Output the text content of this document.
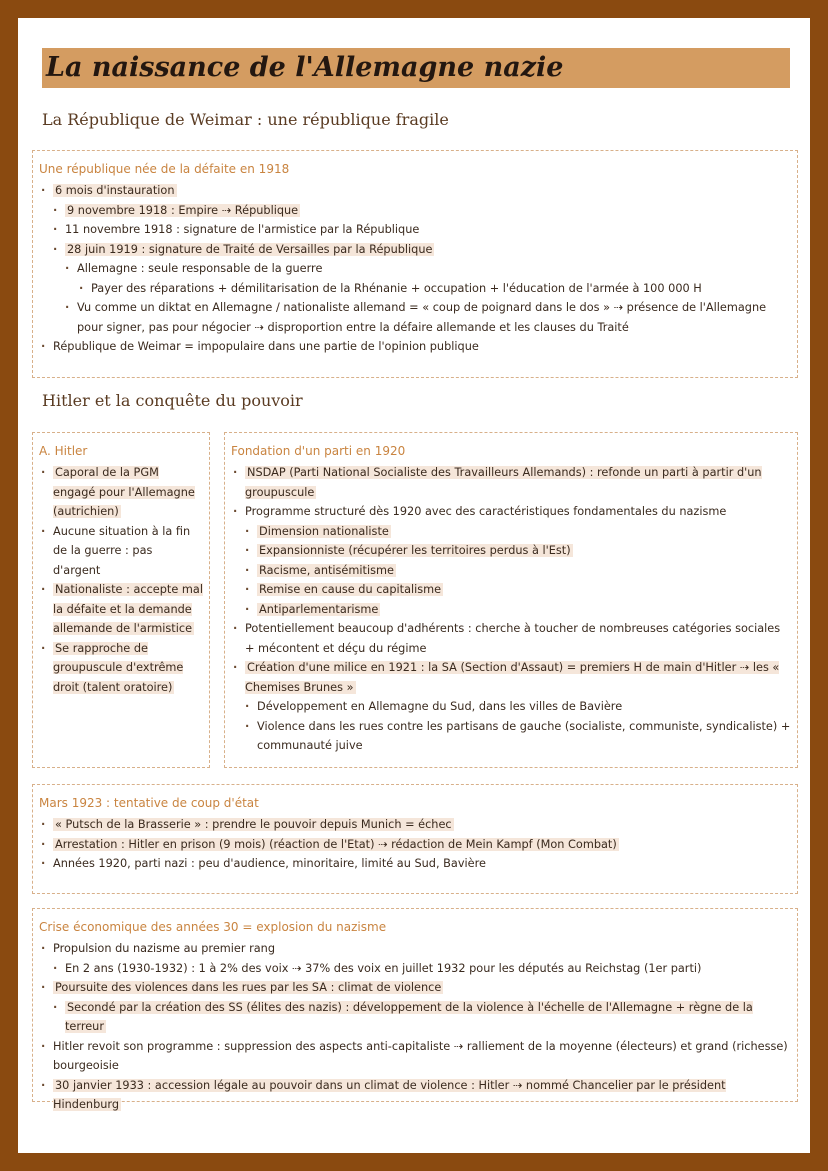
La naissance de l'Allemagne nazie
La République de Weimar : une république fragile
Une république née de la défaite en 1918
· 6 mois d'instauration
· 9 novembre 1918 : Empire ⇢ République
· 11 novembre 1918 : signature de l'armistice par la République
· 28 juin 1919 : signature de Traité de Versailles par la République
· Allemagne : seule responsable de la guerre
· Payer des réparations + démilitarisation de la Rhénanie + occupation + l'éducation de l'armée à 100 000 H
· Vu comme un diktat en Allemagne / nationaliste allemand = « coup de poignard dans le dos » ⇢ présence de l'Allemagne pour signer, pas pour négocier ⇢ disproportion entre la défaire allemande et les clauses du Traité
· République de Weimar = impopulaire dans une partie de l'opinion publique
Hitler et la conquête du pouvoir
A. Hitler
· Caporal de la PGM engagé pour l'Allemagne (autrichien)
· Aucune situation à la fin de la guerre : pas d'argent
· Nationaliste : accepte mal la défaite et la demande allemande de l'armistice
· Se rapproche de groupuscule d'extrême droit (talent oratoire)
Fondation d'un parti en 1920
· NSDAP (Parti National Socialiste des Travailleurs Allemands) : refonde un parti à partir d'un groupuscule
· Programme structuré dès 1920 avec des caractéristiques fondamentales du nazisme
· Dimension nationaliste
· Expansionniste (récupérer les territoires perdus à l'Est)
· Racisme, antisémitisme
· Remise en cause du capitalisme
· Antiparlementarisme
· Potentiellement beaucoup d'adhérents : cherche à toucher de nombreuses catégories sociales + mécontent et déçu du régime
· Création d'une milice en 1921 : la SA (Section d'Assaut) = premiers H de main d'Hitler ⇢ les « Chemises Brunes »
· Développement en Allemagne du Sud, dans les villes de Bavière
· Violence dans les rues contre les partisans de gauche (socialiste, communiste, syndicaliste) + communauté juive
Mars 1923 : tentative de coup d'état
· « Putsch de la Brasserie » : prendre le pouvoir depuis Munich = échec
· Arrestation : Hitler en prison (9 mois) (réaction de l'Etat) ⇢ rédaction de Mein Kampf (Mon Combat)
· Années 1920, parti nazi : peu d'audience, minoritaire, limité au Sud, Bavière
Crise économique des années 30 = explosion du nazisme
· Propulsion du nazisme au premier rang
· En 2 ans (1930-1932) : 1 à 2% des voix ⇢ 37% des voix en juillet 1932 pour les députés au Reichstag (1er parti)
· Poursuite des violences dans les rues par les SA : climat de violence
· Secondé par la création des SS (élites des nazis) : développement de la violence à l'échelle de l'Allemagne + règne de la terreur
· Hitler revoit son programme : suppression des aspects anti-capitaliste ⇢ ralliement de la moyenne (électeurs) et grand (richesse) bourgeoisie
· 30 janvier 1933 : accession légale au pouvoir dans un climat de violence : Hitler ⇢ nommé Chancelier par le président Hindenburg
